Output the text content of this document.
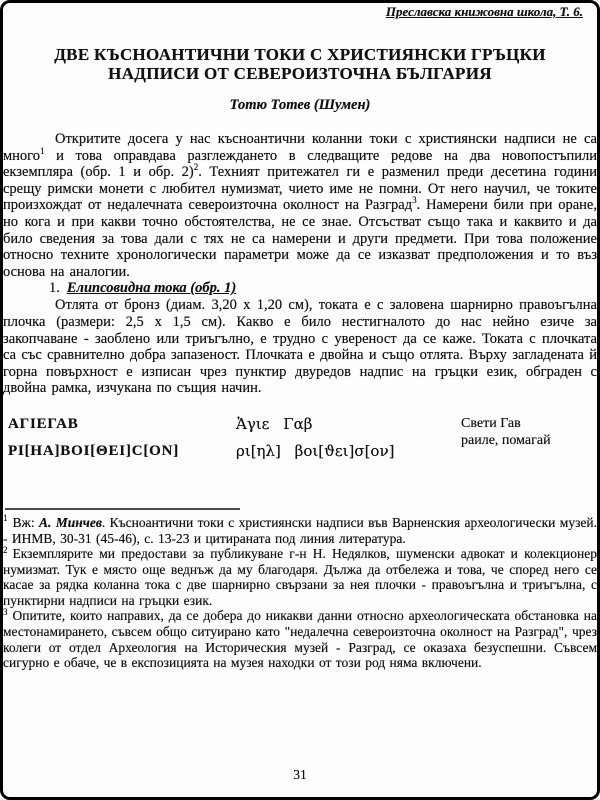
Преславска книжовна школа, Т. 6.
ДВЕ КЪСНОАНТИЧНИ ТОКИ С ХРИСТИЯНСКИ ГРЪЦКИ
НАДПИСИ ОТ СЕВЕРОИЗТОЧНА БЪЛГАРИЯ
Тотю Тотев (Шумен)

Откритите досега у нас късноантични коланни токи с християнски надписи не са много$^1$ и това оправдава разглеждането в следващите редове на два новопостъпили екземпляра (обр. 1 и обр. 2)$^2$. Техният притежател ги е разменил преди десетина години срещу римски монети с любител нумизмат, чието име не помни. От него научил, че токите произхождат от недалечната североизточна околност на Разград$^3$. Намерени били при оране, но кога и при какви точно обстоятелства, не се знае. Отсъстват също така и каквито и да било сведения за това дали с тях не са намерени и други предмети. При това положение относно техните хронологически параметри може да се изказват предположения и то въз основа на аналогии.

1. Елипсовидна тока (обр. 1)

Отлята от бронз (диам. 3,20 х 1,20 см), токата е с заловена шарнирно правоъгълна плочка (размери: 2,5 х 1,5 см). Какво е било нестигналото до нас нейно езиче за закопчаване - заоблено или триъгълно, е трудно с увереност да се каже. Токата с плочката са със сравнително добра запазеност. Плочката е двойна и също отлята. Върху загладената й горна повърхност е изписан чрез пунктир двуредов надпис на гръцки език, обграден с двойна рамка, изчукана по същия начин.

АГIЕГАВ
PI[HA]BOI[ΘEI]C[ON]
Ἁγιε Γαβ
ρι[ηλ] βοι[ϑει]σ[ον]
Свети Гав
раиле, помагай

$^1$ Вж: А. Минчев. Късноантични токи с християнски надписи във Варненския археологически музей. - ИНМВ, 30-31 (45-46), с. 13-23 и цитираната под линия литература.

$^2$ Екземплярите ми предостави за публикуване г-н Н. Недялков, шуменски адвокат и колекционер нумизмат. Тук е място още веднъж да му благодаря. Дължа да отбележа и това, че според него се касае за рядка коланна тока с две шарнирно свързани за нея плочки - правоъгълна и триъгълна, с пунктирни надписи на гръцки език.

$^3$ Опитите, които направих, да се добера до никакви данни относно археологическата обстановка на местонамирането, съвсем общо ситуирано като "недалечна североизточна околност на Разград", чрез колеги от отдел Археология на Историческия музей - Разград, се оказаха безуспешни. Съвсем сигурно е обаче, че в експозицията на музея находки от този род няма включени.

31
